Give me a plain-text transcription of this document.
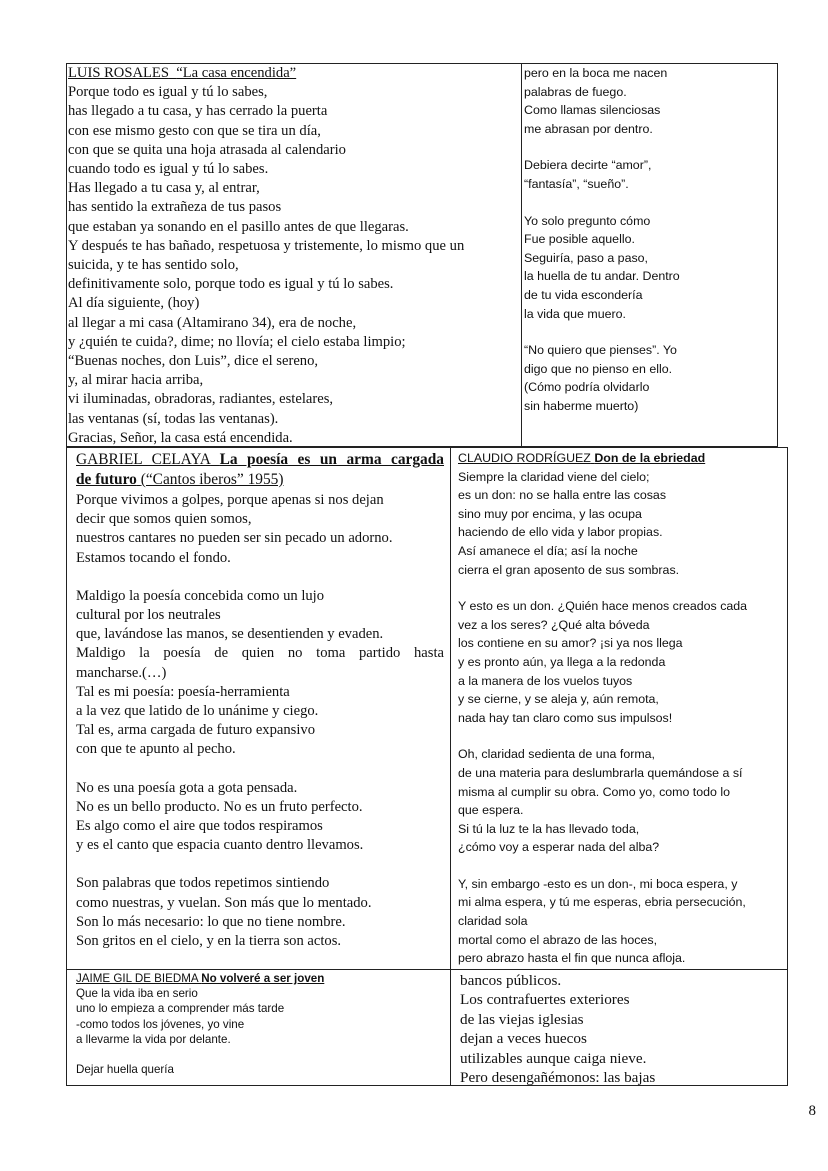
LUIS ROSALES “La casa encendida”
Porque todo es igual y tú lo sabes,
has llegado a tu casa, y has cerrado la puerta
con ese mismo gesto con que se tira un día,
con que se quita una hoja atrasada al calendario
cuando todo es igual y tú lo sabes.
Has llegado a tu casa y, al entrar,
has sentido la extrañeza de tus pasos
que estaban ya sonando en el pasillo antes de que llegaras.
Y después te has bañado, respetuosa y tristemente, lo mismo que un
suicida, y te has sentido solo,
definitivamente solo, porque todo es igual y tú lo sabes.
Al día siguiente, (hoy)
al llegar a mi casa (Altamirano 34), era de noche,
y ¿quién te cuida?, dime; no llovía; el cielo estaba limpio;
“Buenas noches, don Luis”, dice el sereno,
y, al mirar hacia arriba,
vi iluminadas, obradoras, radiantes, estelares,
las ventanas (sí, todas las ventanas).
Gracias, Señor, la casa está encendida.
pero en la boca me nacen
palabras de fuego.
Como llamas silenciosas
me abrasan por dentro.
Debiera decirte “amor”,
“fantasía”, “sueño”.
Yo solo pregunto cómo
Fue posible aquello.
Seguiría, paso a paso,
la huella de tu andar. Dentro
de tu vida escondería
la vida que muero.
“No quiero que pienses”. Yo
digo que no pienso en ello.
(Cómo podría olvidarlo
sin haberme muerto)
GABRIEL CELAYA La poesía es un arma cargada
de futuro (“Cantos iberos” 1955)
Porque vivimos a golpes, porque apenas si nos dejan
decir que somos quien somos,
nuestros cantares no pueden ser sin pecado un adorno.
Estamos tocando el fondo.
Maldigo la poesía concebida como un lujo
cultural por los neutrales
que, lavándose las manos, se desentienden y evaden.
Maldigo la poesía de quien no toma partido hasta
mancharse.(…)
Tal es mi poesía: poesía-herramienta
a la vez que latido de lo unánime y ciego.
Tal es, arma cargada de futuro expansivo
con que te apunto al pecho.
No es una poesía gota a gota pensada.
No es un bello producto. No es un fruto perfecto.
Es algo como el aire que todos respiramos
y es el canto que espacia cuanto dentro llevamos.
Son palabras que todos repetimos sintiendo
como nuestras, y vuelan. Son más que lo mentado.
Son lo más necesario: lo que no tiene nombre.
Son gritos en el cielo, y en la tierra son actos.
CLAUDIO RODRÍGUEZ Don de la ebriedad
Siempre la claridad viene del cielo;
es un don: no se halla entre las cosas
sino muy por encima, y las ocupa
haciendo de ello vida y labor propias.
Así amanece el día; así la noche
cierra el gran aposento de sus sombras.
Y esto es un don. ¿Quién hace menos creados cada
vez a los seres? ¿Qué alta bóveda
los contiene en su amor? ¡si ya nos llega
y es pronto aún, ya llega a la redonda
a la manera de los vuelos tuyos
y se cierne, y se aleja y, aún remota,
nada hay tan claro como sus impulsos!
Oh, claridad sedienta de una forma,
de una materia para deslumbrarla quemándose a sí
misma al cumplir su obra. Como yo, como todo lo
que espera.
Si tú la luz te la has llevado toda,
¿cómo voy a esperar nada del alba?
Y, sin embargo -esto es un don-, mi boca espera, y
mi alma espera, y tú me esperas, ebria persecución,
claridad sola
mortal como el abrazo de las hoces,
pero abrazo hasta el fin que nunca afloja.
JAIME GIL DE BIEDMA No volveré a ser joven
Que la vida iba en serio
uno lo empieza a comprender más tarde
-como todos los jóvenes, yo vine
a llevarme la vida por delante.
Dejar huella quería
bancos públicos.
Los contrafuertes exteriores
de las viejas iglesias
dejan a veces huecos
utilizables aunque caiga nieve.
Pero desengañémonos: las bajas
8
